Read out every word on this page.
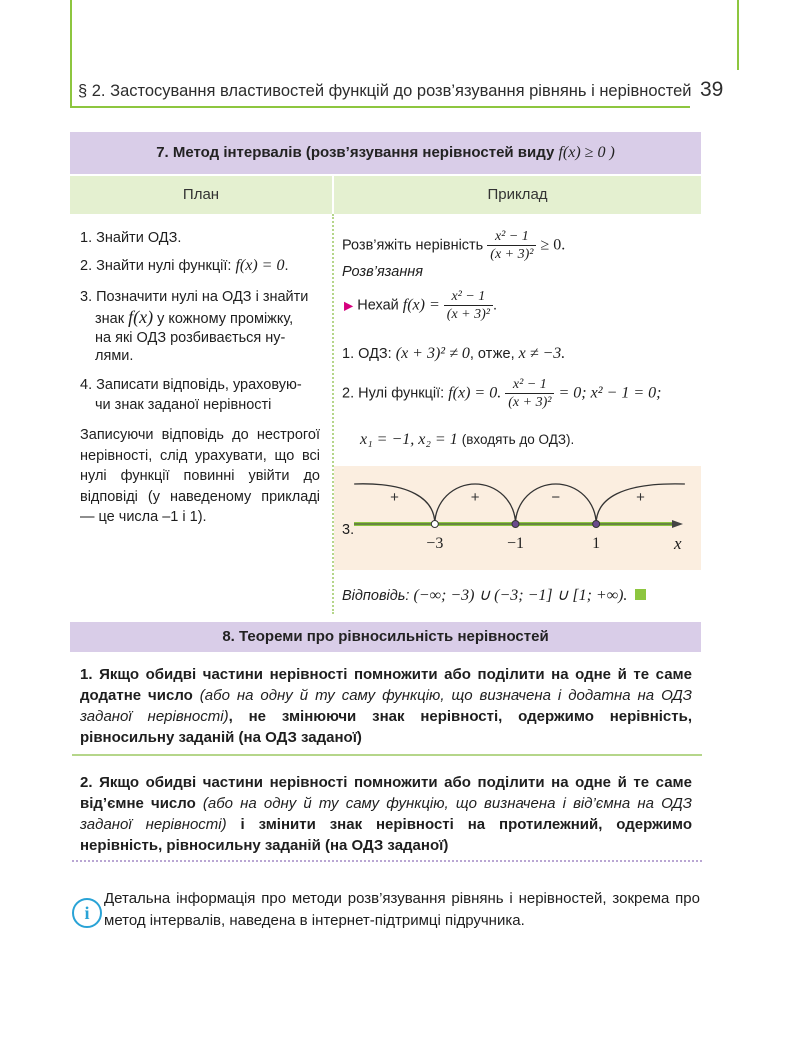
§ 2. Застосування властивостей функцій до розв’язування рівнянь і нерівностей 39
7. Метод інтервалів (розв’язування нерівностей виду f(x) ≥ 0 )
План	Приклад
1. Знайти ОДЗ.
2. Знайти нулі функції: f(x) = 0.
3. Позначити нулі на ОДЗ і знайти
знак f(x) у кожному проміжку,
на які ОДЗ розбивається ну-
лями.
4. Записати відповідь, ураховую-
чи знак заданої нерівності
Записуючи відповідь до нестрогої нерівності, слід урахувати, що всі нулі функції повинні увійти до відповіді (у наведеному прикладі — це числа –1 і 1).
Розв’яжіть нерівність $\frac{\text{x² − 1}}{\text{(x + 3)²}} \ge 0$.
Розв’язання
▶ Нехай $f(x) = \frac{\text{x² − 1}}{\text{(x + 3)²}}$ .
1. ОДЗ: (x + 3)² ≠ 0, отже, x ≠ −3.
2. Нулі функції: f(x) = 0. $\frac{\text{x² − 1}}{\text{(x + 3)²}} = 0$; x² − 1 = 0;
x₁ = −1, x₂ = 1 (входять до ОДЗ).
+	+	−	+
−3	−1	1
3.
x
Відповідь: (−∞; −3) ∪ (−3; −1] ∪ [1; +∞).
8. Теореми про рівносильність нерівностей
1. Якщо обидві частини нерівності помножити або поділити на одне й те саме додатне число (або на одну й ту саму функцію, що визначена і додатна на ОДЗ заданої нерівності), не змінюючи знак нерівності, одержимо нерівність, рівносильну заданій (на ОДЗ заданої)
2. Якщо обидві частини нерівності помножити або поділити на одне й те саме від’ємне число (або на одну й ту саму функцію, що визначена і від’ємна на ОДЗ заданої нерівності) і змінити знак нерівності на протилежний, одержимо нерівність, рівносильну заданій (на ОДЗ заданої)
i
Детальна інформація про методи розв’язування рівнянь і нерівностей, зокрема про метод інтервалів, наведена в інтернет-підтримці підручника.
